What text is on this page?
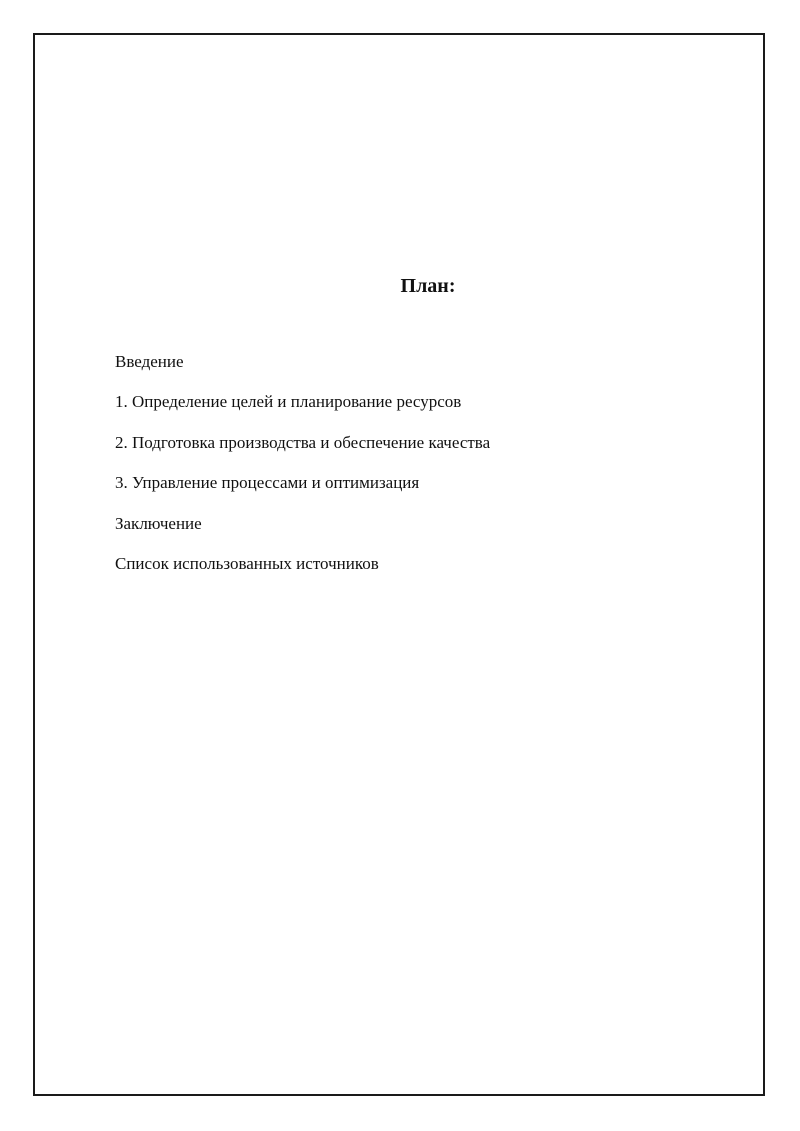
План:
Введение
1. Определение целей и планирование ресурсов
2. Подготовка производства и обеспечение качества
3. Управление процессами и оптимизация
Заключение
Список использованных источников
